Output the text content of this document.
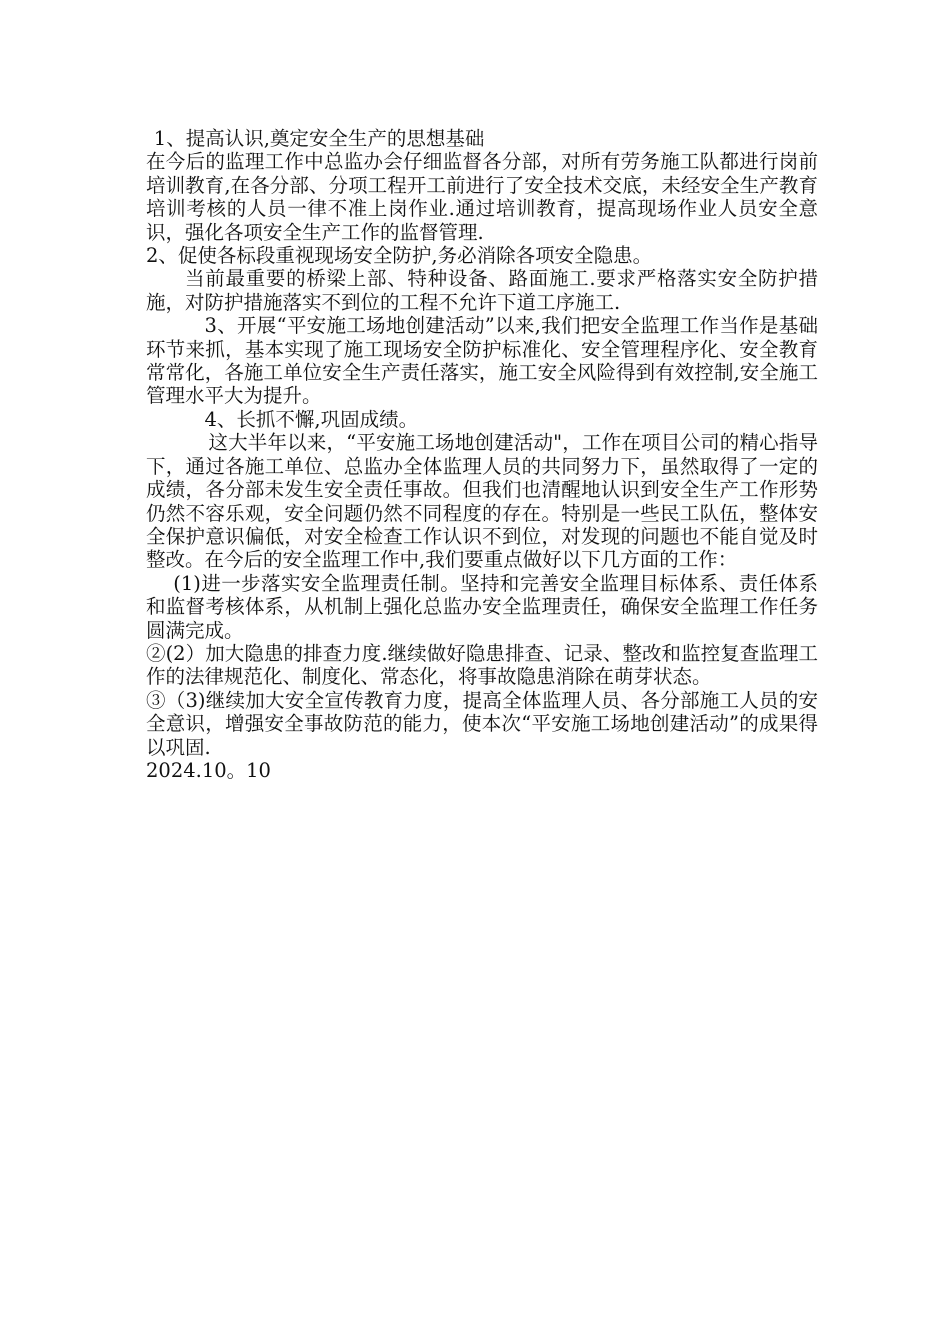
1、提高认识,奠定安全生产的思想基础

在今后的监理工作中总监办会仔细监督各分部，对所有劳务施工队都进行岗前培训教育,在各分部、分项工程开工前进行了安全技术交底，未经安全生产教育培训考核的人员一律不准上岗作业.通过培训教育，提高现场作业人员安全意识，强化各项安全生产工作的监督管理.

2、促使各标段重视现场安全防护,务必消除各项安全隐患。

当前最重要的桥梁上部、特种设备、路面施工.要求严格落实安全防护措施，对防护措施落实不到位的工程不允许下道工序施工.

3、开展“平安施工场地创建活动”以来,我们把安全监理工作当作是基础环节来抓，基本实现了施工现场安全防护标准化、安全管理程序化、安全教育常常化，各施工单位安全生产责任落实，施工安全风险得到有效控制,安全施工管理水平大为提升。

4、长抓不懈,巩固成绩。

这大半年以来，“平安施工场地创建活动"，工作在项目公司的精心指导下，通过各施工单位、总监办全体监理人员的共同努力下，虽然取得了一定的成绩，各分部未发生安全责任事故。但我们也清醒地认识到安全生产工作形势仍然不容乐观，安全问题仍然不同程度的存在。特别是一些民工队伍，整体安全保护意识偏低，对安全检查工作认识不到位，对发现的问题也不能自觉及时整改。在今后的安全监理工作中,我们要重点做好以下几方面的工作：

(1)进一步落实安全监理责任制。坚持和完善安全监理目标体系、责任体系和监督考核体系，从机制上强化总监办安全监理责任，确保安全监理工作任务圆满完成。

②(2）加大隐患的排查力度.继续做好隐患排查、记录、整改和监控复查监理工作的法律规范化、制度化、常态化，将事故隐患消除在萌芽状态。

③（3)继续加大安全宣传教育力度，提高全体监理人员、各分部施工人员的安全意识，增强安全事故防范的能力，使本次“平安施工场地创建活动”的成果得以巩固.

2024.10。10
